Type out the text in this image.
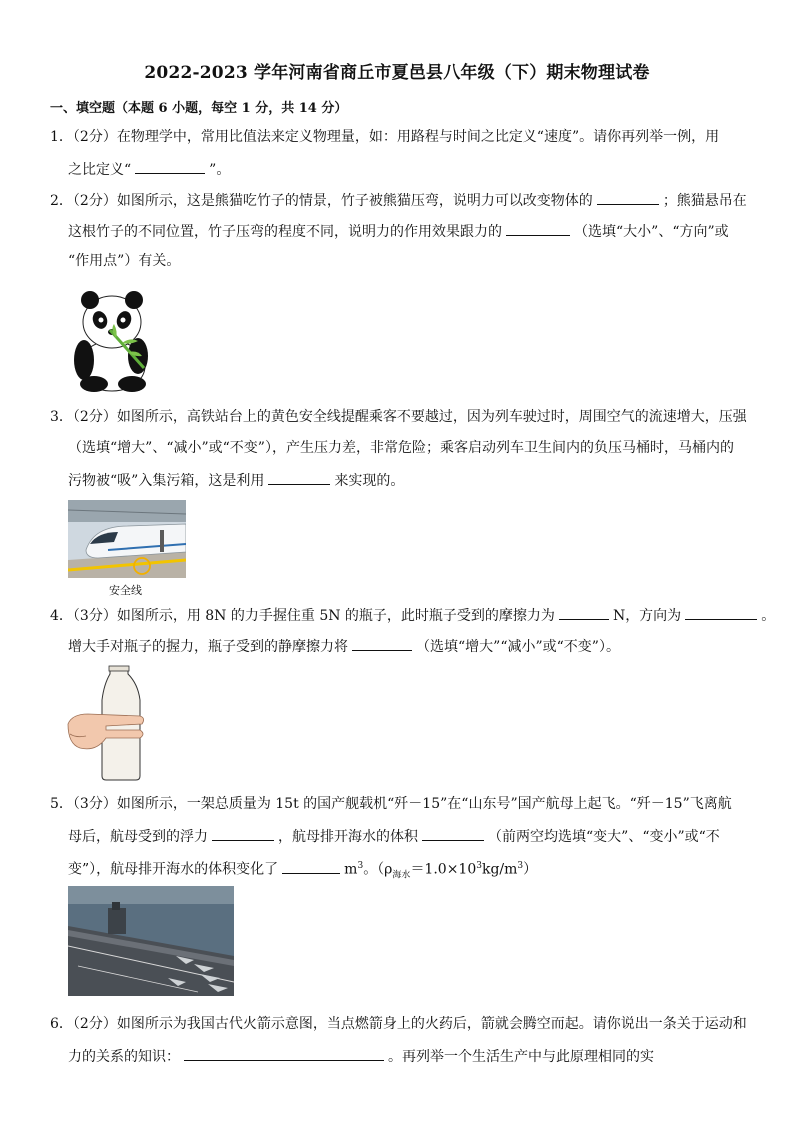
2022-2023 学年河南省商丘市夏邑县八年级（下）期末物理试卷
一、填空题（本题 6 小题，每空 1 分，共 14 分）
1．（2分）在物理学中，常用比值法来定义物理量，如：用路程与时间之比定义“速度”。请你再列举一例，用
之比定义“	”。
2．（2分）如图所示，这是熊猫吃竹子的情景，竹子被熊猫压弯，说明力可以改变物体的	；熊猫悬吊在
这根竹子的不同位置，竹子压弯的程度不同，说明力的作用效果跟力的	（选填“大小”、“方向”或
“作用点”）有关。
3．（2分）如图所示，高铁站台上的黄色安全线提醒乘客不要越过，因为列车驶过时，周围空气的流速增大，压强
（选填“增大”、“减小”或“不变”），产生压力差，非常危险；乘客启动列车卫生间内的负压马桶时，马桶内的
污物被“吸”入集污箱，这是利用	来实现的。
安全线
4．（3分）如图所示，用 8N 的力手握住重 5N 的瓶子，此时瓶子受到的摩擦力为	N，方向为	。
增大手对瓶子的握力，瓶子受到的静摩擦力将	（选填“增大”“减小”或“不变”）。
5．（3分）如图所示，一架总质量为 15t 的国产舰载机“歼－15”在“山东号”国产航母上起飞。“歼－15”飞离航
母后，航母受到的浮力	，航母排开海水的体积	（前两空均选填“变大”、“变小”或“不
变”），航母排开海水的体积变化了	$m^3$。$(\rho_{海水}=1.0\times 10^3kg/m^3)$
6．（2分）如图所示为我国古代火箭示意图，当点燃箭身上的火药后，箭就会腾空而起。请你说出一条关于运动和
力的关系的知识：	。再列举一个生活生产中与此原理相同的实
